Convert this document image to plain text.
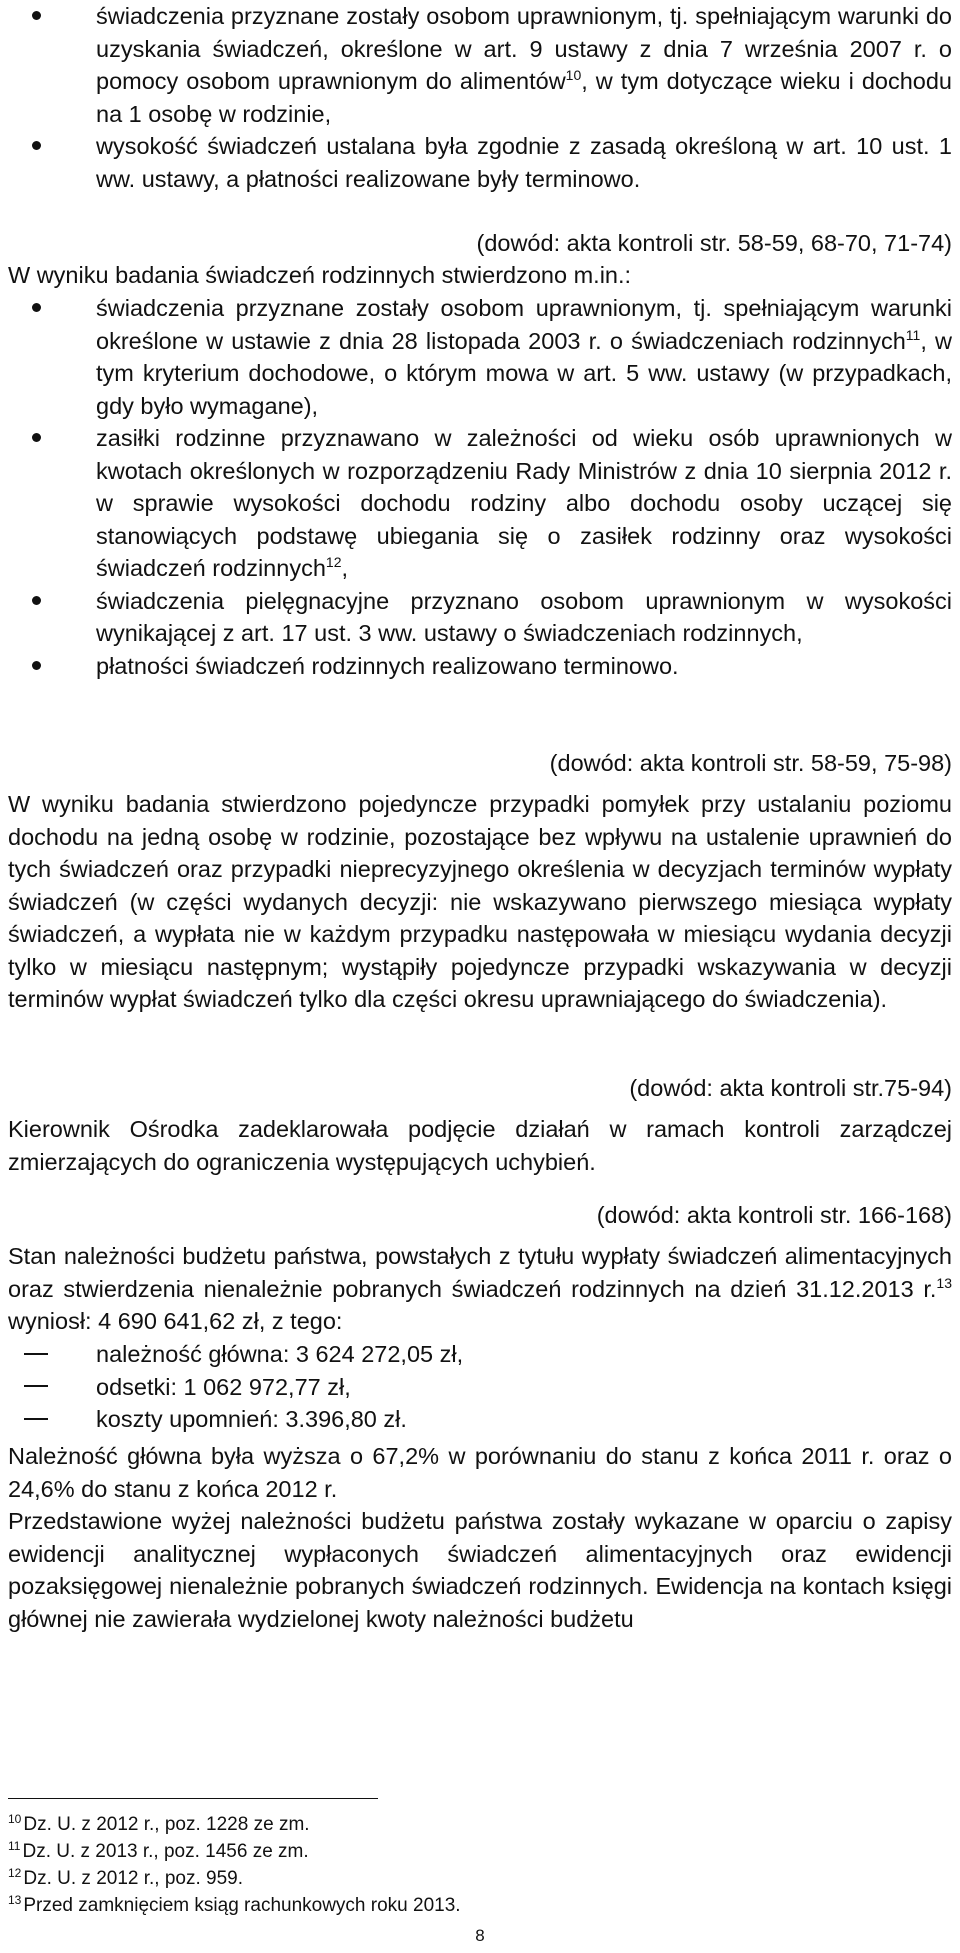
świadczenia przyznane zostały osobom uprawnionym, tj. spełniającym warunki do uzyskania świadczeń, określone w art. 9 ustawy z dnia 7 września 2007 r. o pomocy osobom uprawnionym do alimentów$^{10}$, w tym dotyczące wieku i dochodu na 1 osobę w rodzinie,
wysokość świadczeń ustalana była zgodnie z zasadą określoną w art. 10 ust. 1 ww. ustawy, a płatności realizowane były terminowo.
(dowód: akta kontroli str. 58-59, 68-70, 71-74)
W wyniku badania świadczeń rodzinnych stwierdzono m.in.:
świadczenia przyznane zostały osobom uprawnionym, tj. spełniającym warunki określone w ustawie z dnia 28 listopada 2003 r. o świadczeniach rodzinnych$^{11}$, w tym kryterium dochodowe, o którym mowa w art. 5 ww. ustawy (w przypadkach, gdy było wymagane),
zasiłki rodzinne przyznawano w zależności od wieku osób uprawnionych w kwotach określonych w rozporządzeniu Rady Ministrów z dnia 10 sierpnia 2012 r. w sprawie wysokości dochodu rodziny albo dochodu osoby uczącej się stanowiących podstawę ubiegania się o zasiłek rodzinny oraz wysokości świadczeń rodzinnych$^{12}$,
świadczenia pielęgnacyjne przyznano osobom uprawnionym w wysokości wynikającej z art. 17 ust. 3 ww. ustawy o świadczeniach rodzinnych,
płatności świadczeń rodzinnych realizowano terminowo.
(dowód: akta kontroli str. 58-59, 75-98)
W wyniku badania stwierdzono pojedyncze przypadki pomyłek przy ustalaniu poziomu dochodu na jedną osobę w rodzinie, pozostające bez wpływu na ustalenie uprawnień do tych świadczeń oraz przypadki nieprecyzyjnego określenia w decyzjach terminów wypłaty świadczeń (w części wydanych decyzji: nie wskazywano pierwszego miesiąca wypłaty świadczeń, a wypłata nie w każdym przypadku następowała w miesiącu wydania decyzji tylko w miesiącu następnym; wystąpiły pojedyncze przypadki wskazywania w decyzji terminów wypłat świadczeń tylko dla części okresu uprawniającego do świadczenia).
(dowód: akta kontroli str.75-94)
Kierownik Ośrodka zadeklarowała podjęcie działań w ramach kontroli zarządczej zmierzających do ograniczenia występujących uchybień.
(dowód: akta kontroli str. 166-168)
Stan należności budżetu państwa, powstałych z tytułu wypłaty świadczeń alimentacyjnych oraz stwierdzenia nienależnie pobranych świadczeń rodzinnych na dzień 31.12.2013 r.$^{13}$ wyniosł: 4 690 641,62 zł, z tego:
należność główna: 3 624 272,05 zł,
odsetki: 1 062 972,77 zł,
koszty upomnień: 3.396,80 zł.
Należność główna była wyższa o 67,2% w porównaniu do stanu z końca 2011 r. oraz o 24,6% do stanu z końca 2012 r.
Przedstawione wyżej należności budżetu państwa zostały wykazane w oparciu o zapisy ewidencji analitycznej wypłaconych świadczeń alimentacyjnych oraz ewidencji pozaksięgowej nienależnie pobranych świadczeń rodzinnych. Ewidencja na kontach księgi głównej nie zawierała wydzielonej kwoty należności budżetu
$^{10}$ Dz. U. z 2012 r., poz. 1228 ze zm.
$^{11}$ Dz. U. z 2013 r., poz. 1456 ze zm.
$^{12}$ Dz. U. z 2012 r., poz. 959.
$^{13}$ Przed zamknięciem ksiąg rachunkowych roku 2013.
8
